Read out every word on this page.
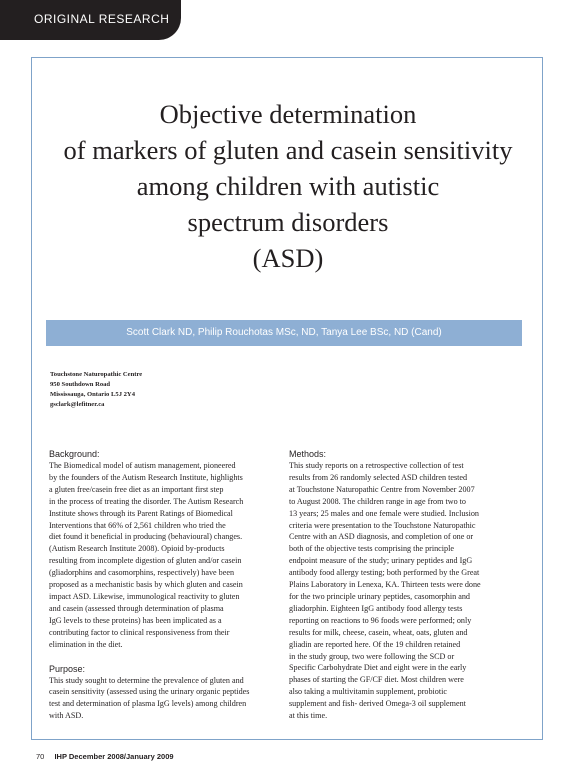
ORIGINAL RESEARCH
Objective determination
of markers of gluten and casein sensitivity
among children with autistic
spectrum disorders
(ASD)
Scott Clark ND, Philip Rouchotas MSc, ND, Tanya Lee BSc, ND (Cand)
Touchstone Naturopathic Centre
950 Southdown Road
Mississauga, Ontario L5J 2Y4
gsclark@lefitner.ca
Background:
The Biomedical model of autism management, pioneered
by the founders of the Autism Research Institute, highlights
a gluten free/casein free diet as an important first step
in the process of treating the disorder. The Autism Research
Institute shows through its Parent Ratings of Biomedical
Interventions that 66% of 2,561 children who tried the
diet found it beneficial in producing (behavioural) changes.
(Autism Research Institute 2008). Opioid by-products
resulting from incomplete digestion of gluten and/or casein
(gliadorphins and casomorphins, respectively) have been
proposed as a mechanistic basis by which gluten and casein
impact ASD. Likewise, immunological reactivity to gluten
and casein (assessed through determination of plasma
IgG levels to these proteins) has been implicated as a
contributing factor to clinical responsiveness from their
elimination in the diet.
Purpose:
This study sought to determine the prevalence of gluten and
casein sensitivity (assessed using the urinary organic peptides
test and determination of plasma IgG levels) among children
with ASD.
Methods:
This study reports on a retrospective collection of test
results from 26 randomly selected ASD children tested
at Touchstone Naturopathic Centre from November 2007
to August 2008. The children range in age from two to
13 years; 25 males and one female were studied. Inclusion
criteria were presentation to the Touchstone Naturopathic
Centre with an ASD diagnosis, and completion of one or
both of the objective tests comprising the principle
endpoint measure of the study; urinary peptides and IgG
antibody food allergy testing; both performed by the Great
Plains Laboratory in Lenexa, KA. Thirteen tests were done
for the two principle urinary peptides, casomorphin and
gliadorphin. Eighteen IgG antibody food allergy tests
reporting on reactions to 96 foods were performed; only
results for milk, cheese, casein, wheat, oats, gluten and
gliadin are reported here. Of the 19 children retained
in the study group, two were following the SCD or
Specific Carbohydrate Diet and eight were in the early
phases of starting the GF/CF diet. Most children were
also taking a multivitamin supplement, probiotic
supplement and fish- derived Omega-3 oil supplement
at this time.
70 IHP December 2008/January 2009
